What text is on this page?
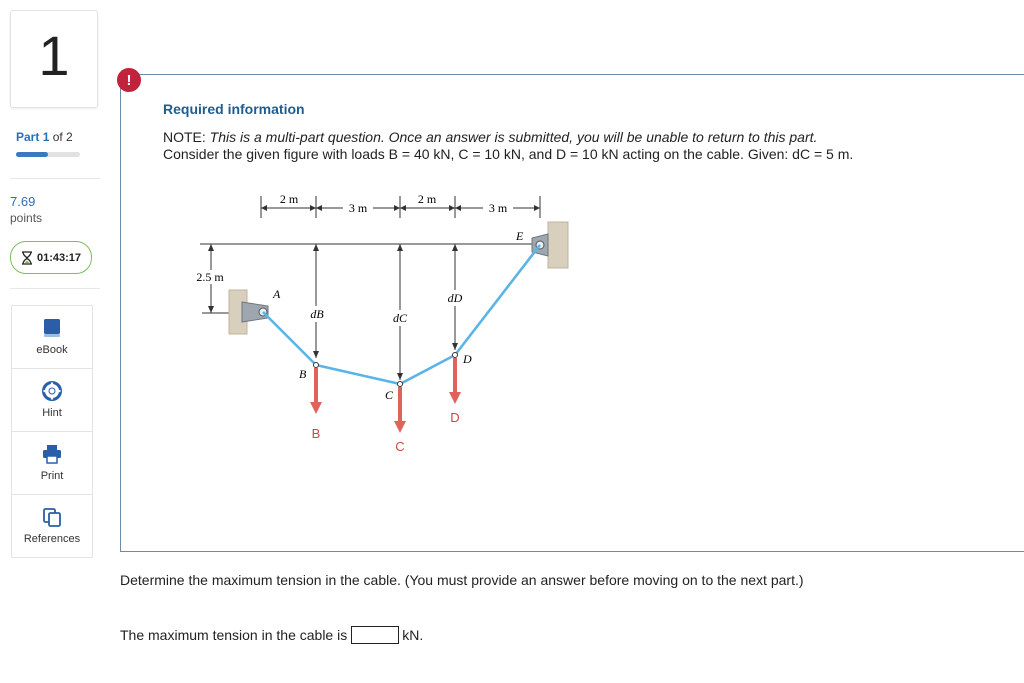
1
Part 1 of 2
7.69
points
01:43:17
eBook
Hint
Print
References
!
Required information
NOTE: This is a multi-part question. Once an answer is submitted, you will be unable to return to this part.
Consider the given figure with loads B = 40 kN, C = 10 kN, and D = 10 kN acting on the cable. Given: dC = 5 m.
2 m
3 m
2 m
3 m
2.5 m
dB	dC
dD
B
C
D
A
B
C
D
E
Determine the maximum tension in the cable. (You must provide an answer before moving on to the next part.)
The maximum tension in the cable is	kN.
